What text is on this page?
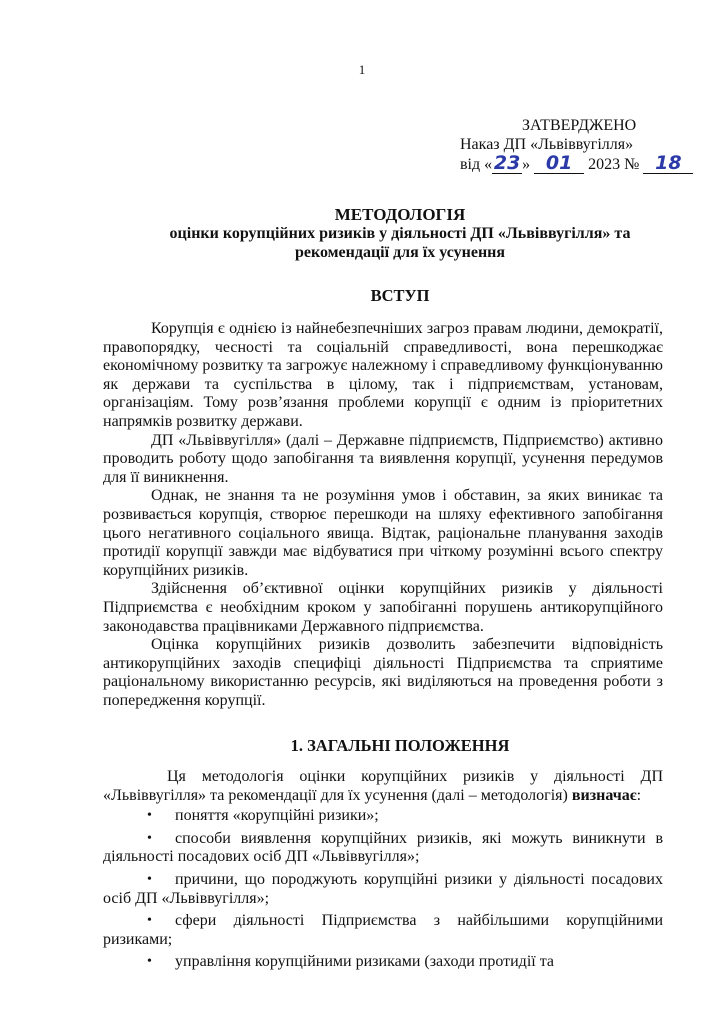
1
ЗАТВЕРДЖЕНО
Наказ ДП «Львіввугілля»
від «23 » 01 2023 № 18
МЕТОДОЛОГІЯ
оцінки корупційних ризиків у діяльності ДП «Львіввугілля» та
рекомендації для їх усунення
ВСТУП

Корупція є однією із найнебезпечніших загроз правам людини, демократії, правопорядку, чесності та соціальній справедливості, вона перешкоджає економічному розвитку та загрожує належному і справедливому функціонуванню як держави та суспільства в цілому, так і підприємствам, установам, організаціям. Тому розв’язання проблеми корупції є одним із пріоритетних напрямків розвитку держави.

ДП «Львіввугілля» (далі – Державне підприємств, Підприємство) активно проводить роботу щодо запобігання та виявлення корупції, усунення передумов для її виникнення.

Однак, не знання та не розуміння умов і обставин, за яких виникає та розвивається корупція, створює перешкоди на шляху ефективного запобігання цього негативного соціального явища. Відтак, раціональне планування заходів протидії корупції завжди має відбуватися при чіткому розумінні всього спектру корупційних ризиків.

Здійснення об’єктивної оцінки корупційних ризиків у діяльності Підприємства є необхідним кроком у запобіганні порушень антикорупційного законодавства працівниками Державного підприємства.

Оцінка корупційних ризиків дозволить забезпечити відповідність антикорупційних заходів специфіці діяльності Підприємства та сприятиме раціональному використанню ресурсів, які виділяються на проведення роботи з попередження корупції.

1. ЗАГАЛЬНІ ПОЛОЖЕННЯ

Ця методологія оцінки корупційних ризиків у діяльності ДП «Львіввугілля» та рекомендації для їх усунення (далі – методологія) визначає:

• поняття «корупційні ризики»;
• способи виявлення корупційних ризиків, які можуть виникнути в діяльності посадових осіб ДП «Львіввугілля»;
• причини, що породжують корупційні ризики у діяльності посадових осіб ДП «Львіввугілля»;
• сфери діяльності Підприємства з найбільшими корупційними ризиками;
• управління корупційними ризиками (заходи протидії та
